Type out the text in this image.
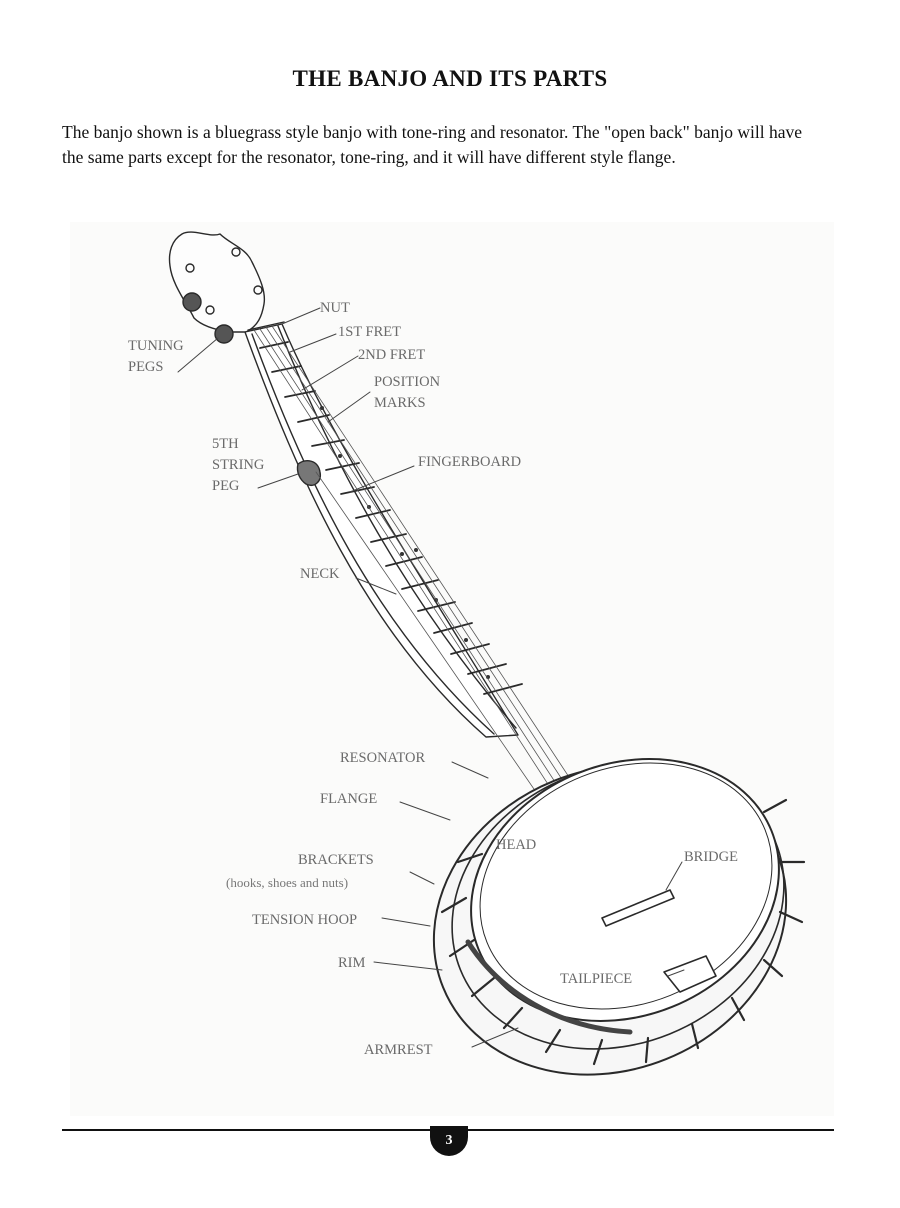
THE BANJO AND ITS PARTS

The banjo shown is a bluegrass style banjo with tone-ring and resonator. The "open back" banjo will have the same parts except for the resonator, tone-ring, and it will have different style flange.

NUT
1ST FRET
2ND FRET
POSITION
MARKS
TUNING
PEGS
5TH
STRING
PEG
FINGERBOARD
NECK
RESONATOR
FLANGE
BRACKETS
(hooks, shoes and nuts)
HEAD
BRIDGE
TENSION HOOP
RIM
TAILPIECE
ARMREST
3
